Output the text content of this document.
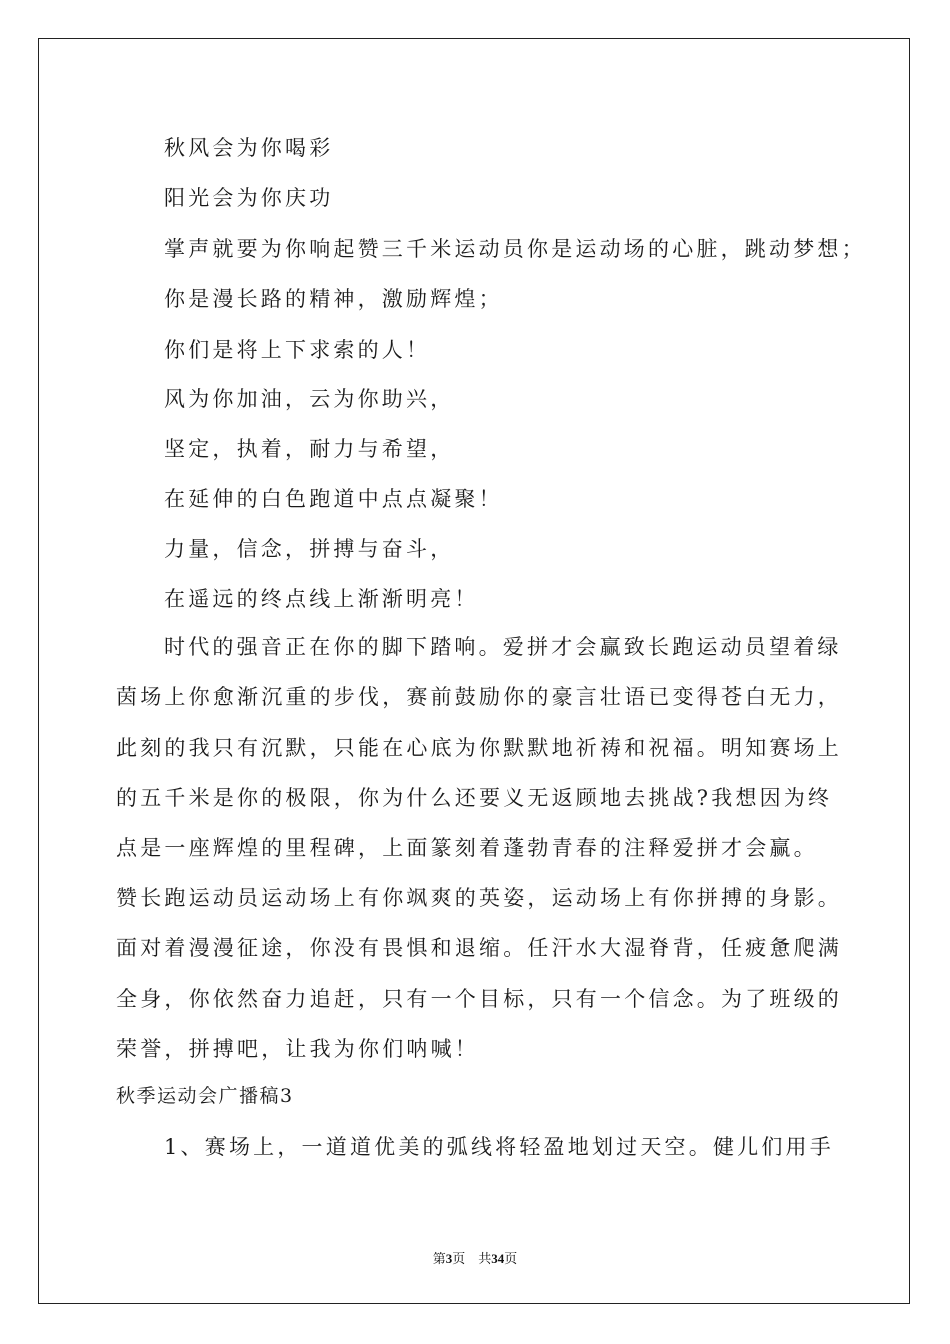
秋风会为你喝彩
阳光会为你庆功
掌声就要为你响起赞三千米运动员你是运动场的心脏，跳动梦想；
你是漫长路的精神，激励辉煌；
你们是将上下求索的人！
风为你加油，云为你助兴，
坚定，执着，耐力与希望，
在延伸的白色跑道中点点凝聚！
力量，信念，拼搏与奋斗，
在遥远的终点线上渐渐明亮！
时代的强音正在你的脚下踏响。爱拼才会赢致长跑运动员望着绿
茵场上你愈渐沉重的步伐，赛前鼓励你的豪言壮语已变得苍白无力，
此刻的我只有沉默，只能在心底为你默默地祈祷和祝福。明知赛场上
的五千米是你的极限，你为什么还要义无返顾地去挑战?我想因为终
点是一座辉煌的里程碑，上面篆刻着蓬勃青春的注释爱拼才会赢。
赞长跑运动员运动场上有你飒爽的英姿，运动场上有你拼搏的身影。
面对着漫漫征途，你没有畏惧和退缩。任汗水大湿脊背，任疲惫爬满
全身，你依然奋力追赶，只有一个目标，只有一个信念。为了班级的
荣誉，拼搏吧，让我为你们呐喊！
秋季运动会广播稿3
1、赛场上，一道道优美的弧线将轻盈地划过天空。健儿们用手
第3页　共34页
